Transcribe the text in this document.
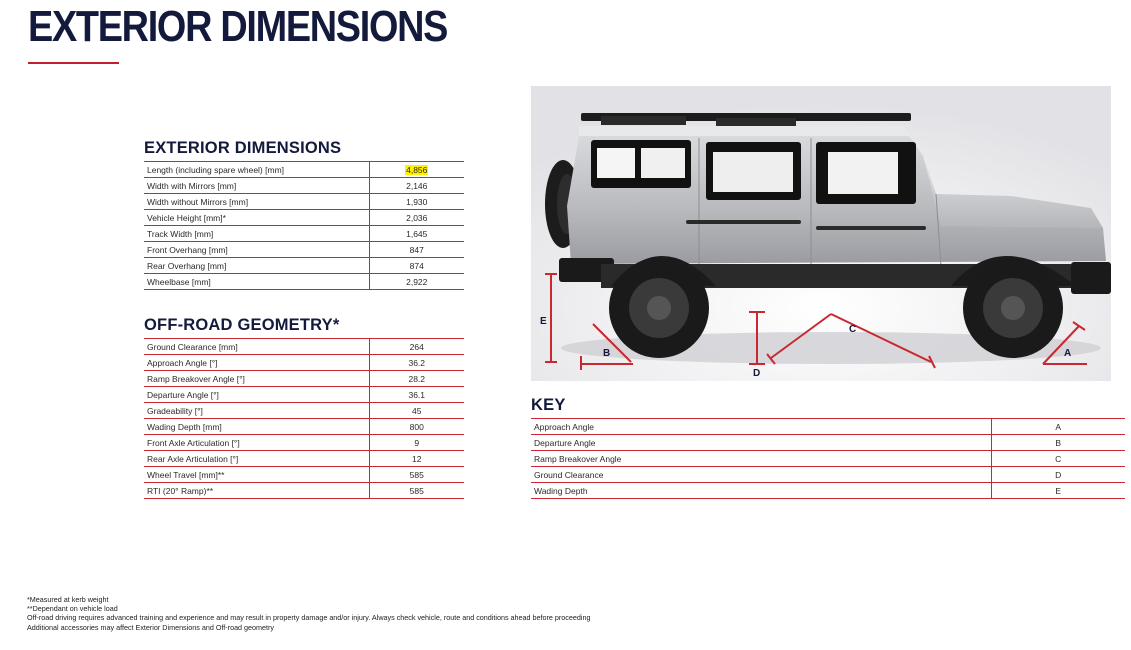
EXTERIOR DIMENSIONS
EXTERIOR DIMENSIONS
Length (including spare wheel) [mm]	4,856
Width with Mirrors [mm]	2,146
Width without Mirrors [mm]	1,930
Vehicle Height [mm]*	2,036
Track Width [mm]	1,645
Front Overhang [mm]	847
Rear Overhang [mm]	874
Wheelbase [mm]	2,922
OFF-ROAD GEOMETRY*
Ground Clearance [mm]	264
Approach Angle [°]	36.2
Ramp Breakover Angle [°]	28.2
Departure Angle [°]	36.1
Gradeability [°]	45
Wading Depth [mm]	800
Front Axle Articulation [°]	9
Rear Axle Articulation [°]	12
Wheel Travel [mm]**	585
RTI (20° Ramp)**	585
KEY
Approach Angle	A
Departure Angle	B
Ramp Breakover Angle	C
Ground Clearance	D
Wading Depth	E
E
B
C
D
A
*Measured at kerb weight
**Dependant on vehicle load
Off-road driving requires advanced training and experience and may result in property damage and/or injury. Always check vehicle, route and conditions ahead before proceeding
Additional accessories may affect Exterior Dimensions and Off-road geometry
